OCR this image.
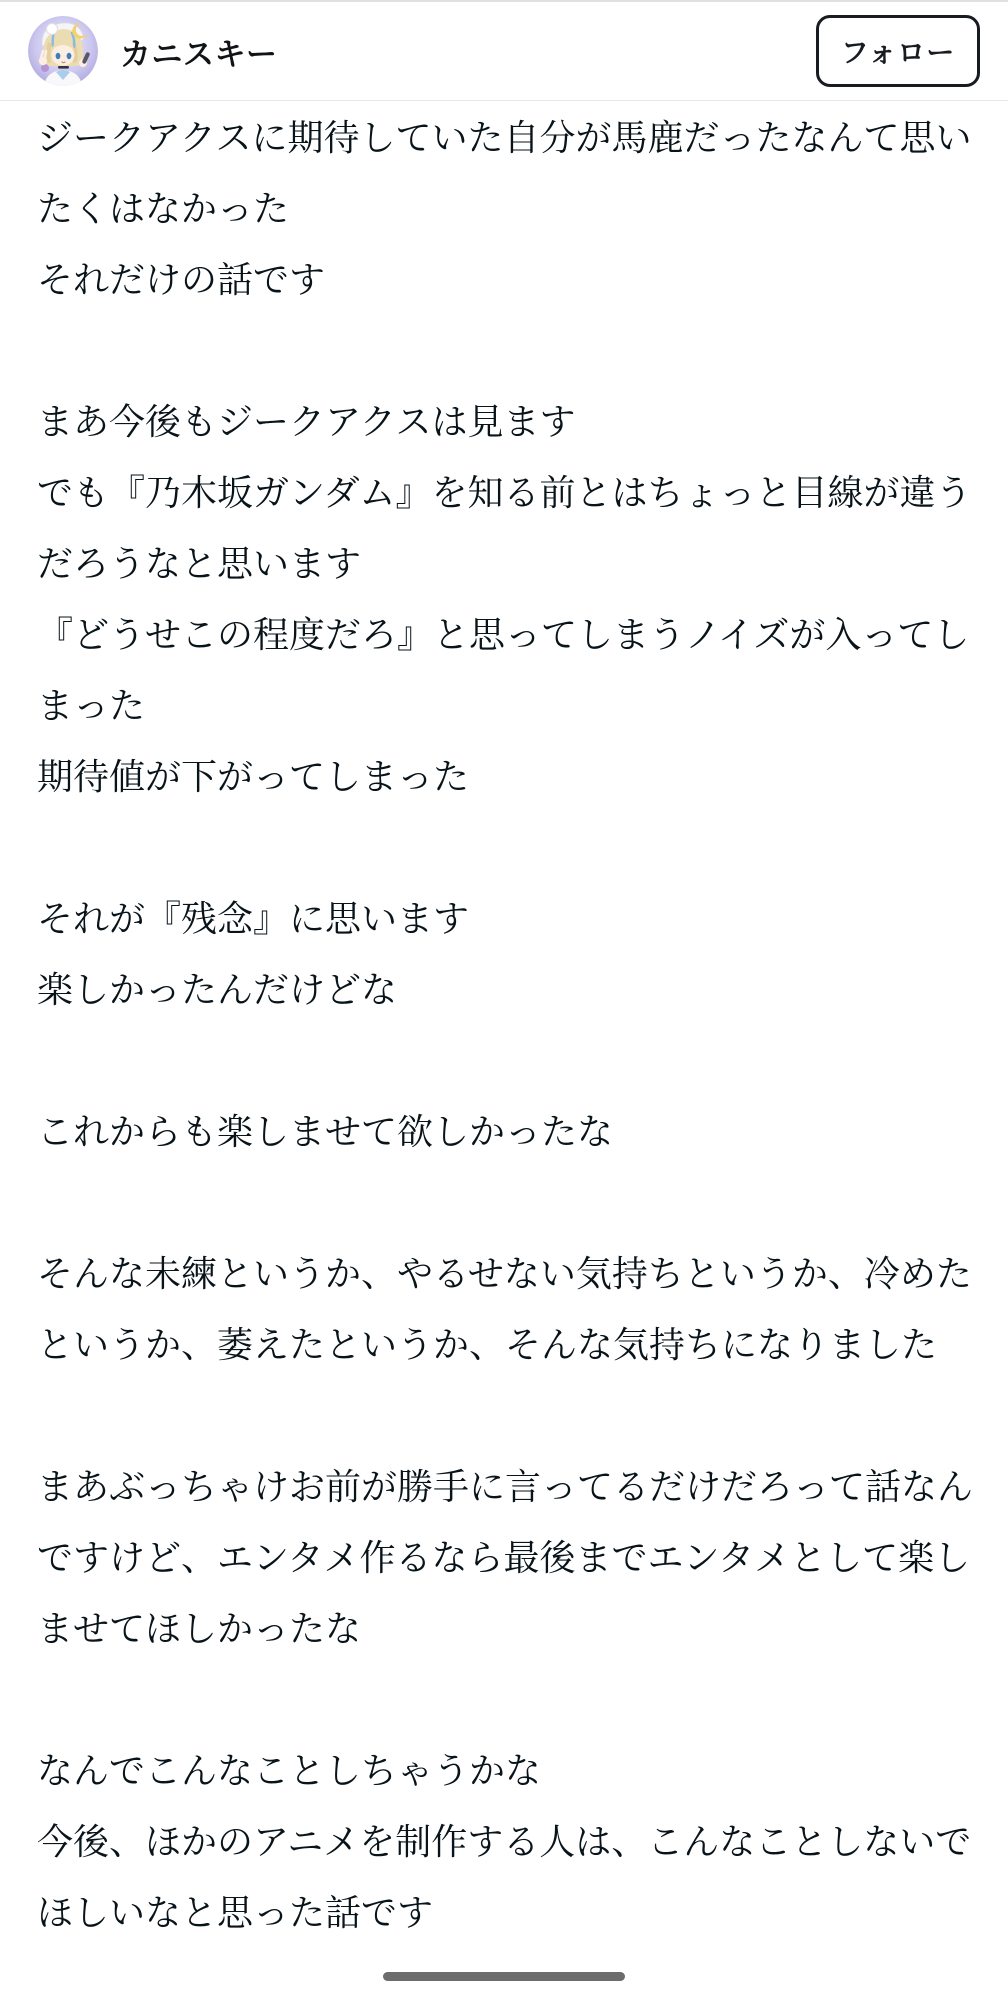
カニスキー	フォロー

ジークアクスに期待していた自分が馬鹿だったなんて思い

たくはなかった

それだけの話です

まあ今後もジークアクスは見ます

でも『乃木坂ガンダム』を知る前とはちょっと目線が違う

だろうなと思います

『どうせこの程度だろ』と思ってしまうノイズが入ってし

まった

期待値が下がってしまった

それが『残念』に思います

楽しかったんだけどな

これからも楽しませて欲しかったな

そんな未練というか、やるせない気持ちというか、冷めた

というか、萎えたというか、そんな気持ちになりました

まあぶっちゃけお前が勝手に言ってるだけだろって話なん

ですけど、エンタメ作るなら最後までエンタメとして楽し

ませてほしかったな

なんでこんなことしちゃうかな

今後、ほかのアニメを制作する人は、こんなことしないで

ほしいなと思った話です
